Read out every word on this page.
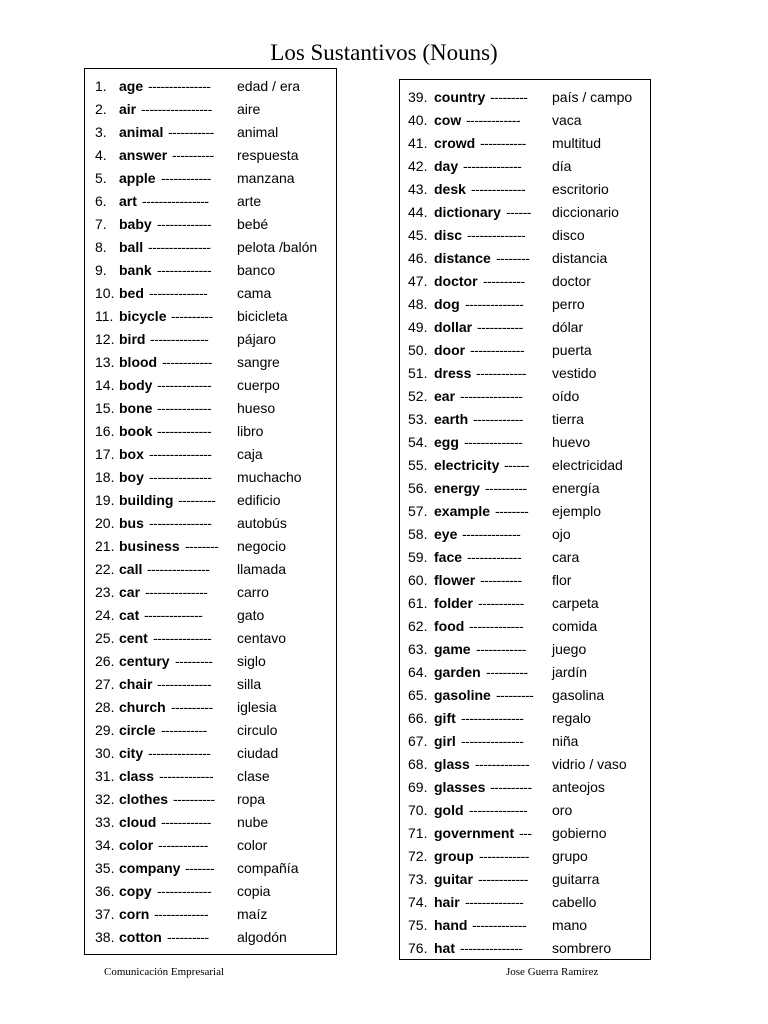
Los Sustantivos (Nouns)
1. age --------------- edad / era
2. air ----------------- aire
3. animal ----------- animal
4. answer ---------- respuesta
5. apple ------------ manzana
6. art ---------------- arte
7. baby ------------- bebé
8. ball --------------- pelota /balón
9. bank ------------- banco
10. bed -------------- cama
11. bicycle ---------- bicicleta
12. bird -------------- pájaro
13. blood ------------ sangre
14. body ------------- cuerpo
15. bone ------------- hueso
16. book ------------- libro
17. box --------------- caja
18. boy --------------- muchacho
19. building --------- edificio
20. bus --------------- autobús
21. business -------- negocio
22. call --------------- llamada
23. car --------------- carro
24. cat -------------- gato
25. cent -------------- centavo
26. century --------- siglo
27. chair ------------- silla
28. church ---------- iglesia
29. circle ----------- circulo
30. city --------------- ciudad
31. class ------------- clase
32. clothes ---------- ropa
33. cloud ------------ nube
34. color ------------ color
35. company ------- compañía
36. copy ------------- copia
37. corn ------------- maíz
38. cotton ---------- algodón
39. country --------- país / campo
40. cow ------------- vaca
41. crowd ----------- multitud
42. day -------------- día
43. desk ------------- escritorio
44. dictionary ------ diccionario
45. disc -------------- disco
46. distance -------- distancia
47. doctor ---------- doctor
48. dog -------------- perro
49. dollar ----------- dólar
50. door ------------- puerta
51. dress ------------ vestido
52. ear --------------- oído
53. earth ------------ tierra
54. egg -------------- huevo
55. electricity ------ electricidad
56. energy ---------- energía
57. example -------- ejemplo
58. eye -------------- ojo
59. face ------------- cara
60. flower ---------- flor
61. folder ----------- carpeta
62. food ------------- comida
63. game ------------ juego
64. garden ---------- jardín
65. gasoline --------- gasolina
66. gift --------------- regalo
67. girl --------------- niña
68. glass ------------- vidrio / vaso
69. glasses ---------- anteojos
70. gold -------------- oro
71. government --- gobierno
72. group ------------ grupo
73. guitar ------------ guitarra
74. hair -------------- cabello
75. hand ------------- mano
76. hat --------------- sombrero
Comunicación Empresarial	Jose Guerra Ramírez
